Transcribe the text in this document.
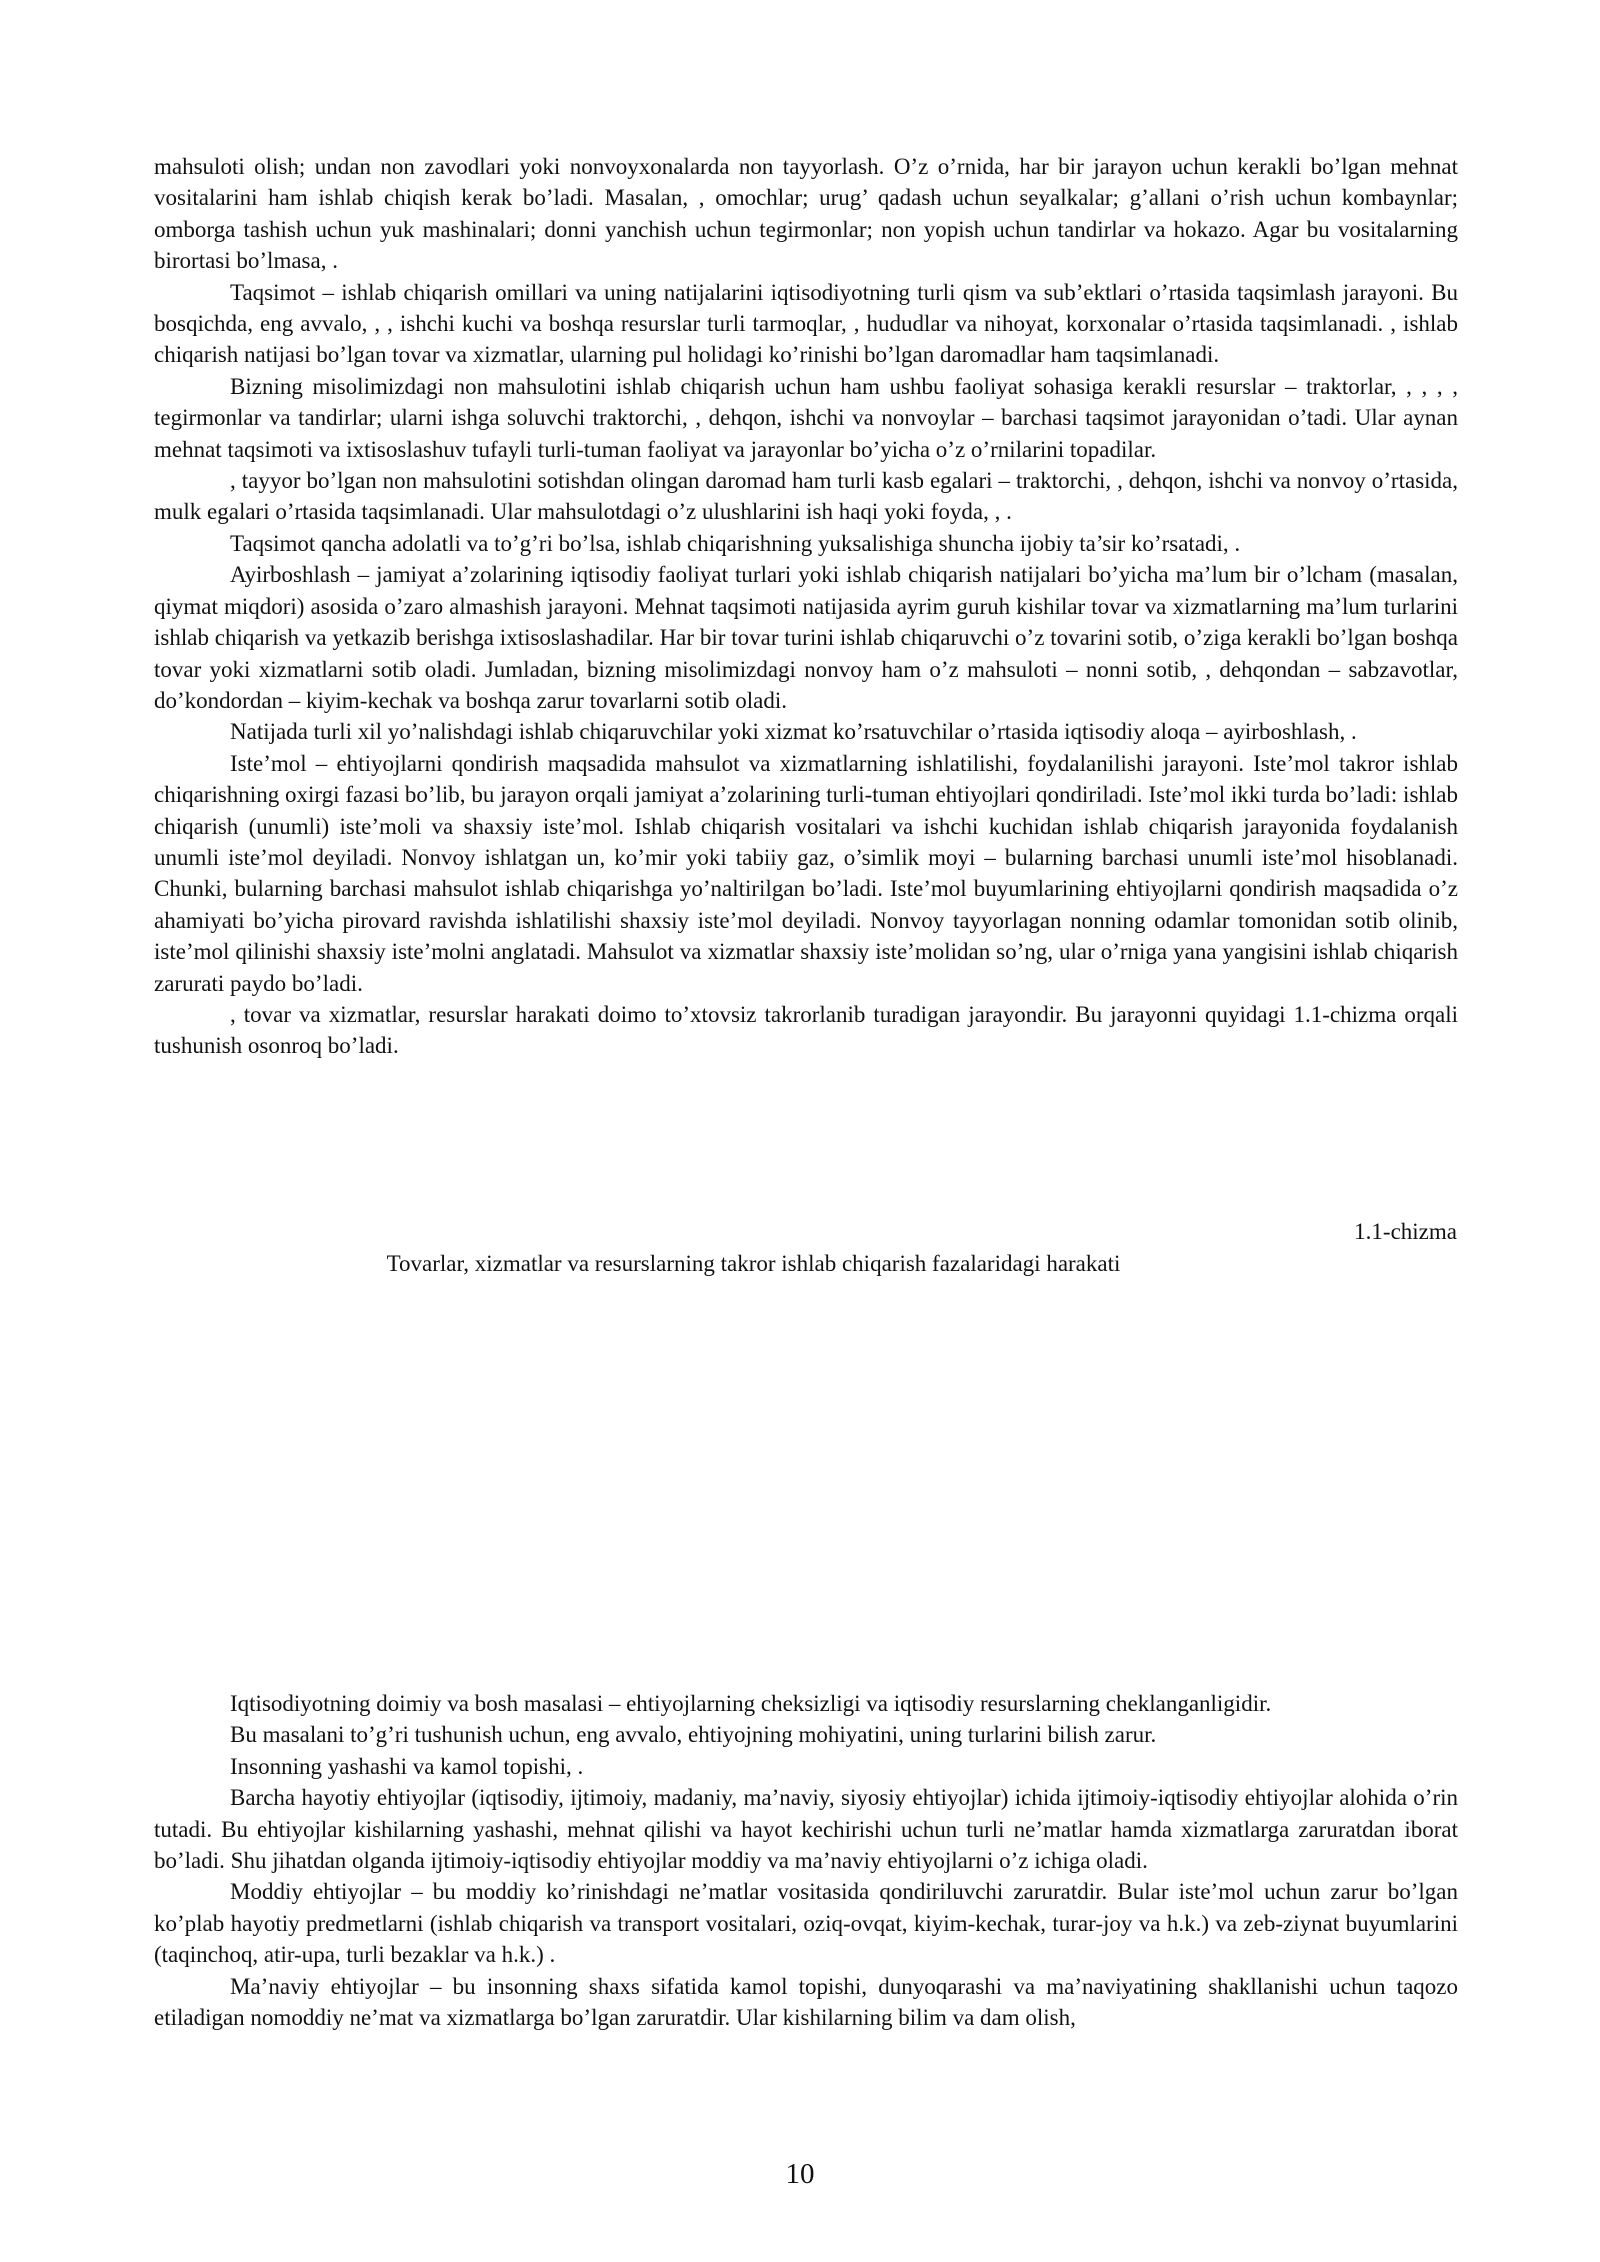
mahsuloti olish; undan non zavodlari yoki nonvoyxonalarda non tayyorlash. O’z o’rnida, har bir jarayon uchun kerakli bo’lgan mehnat vositalarini ham ishlab chiqish kerak bo’ladi. Masalan, , omochlar; urug’ qadash uchun seyalkalar; g’allani o’rish uchun kombaynlar; omborga tashish uchun yuk mashinalari; donni yanchish uchun tegirmonlar; non yopish uchun tandirlar va hokazo. Agar bu vositalarning birortasi bo’lmasa, .

Taqsimot – ishlab chiqarish omillari va uning natijalarini iqtisodiyotning turli qism va sub’ektlari o’rtasida taqsimlash jarayoni. Bu bosqichda, eng avvalo, , , ishchi kuchi va boshqa resurslar turli tarmoqlar, , hududlar va nihoyat, korxonalar o’rtasida taqsimlanadi. , ishlab chiqarish natijasi bo’lgan tovar va xizmatlar, ularning pul holidagi ko’rinishi bo’lgan daromadlar ham taqsimlanadi.

Bizning misolimizdagi non mahsulotini ishlab chiqarish uchun ham ushbu faoliyat sohasiga kerakli resurslar – traktorlar, , , , , tegirmonlar va tandirlar; ularni ishga soluvchi traktorchi, , dehqon, ishchi va nonvoylar – barchasi taqsimot jarayonidan o’tadi. Ular aynan mehnat taqsimoti va ixtisoslashuv tufayli turli-tuman faoliyat va jarayonlar bo’yicha o’z o’rnilarini topadilar.

, tayyor bo’lgan non mahsulotini sotishdan olingan daromad ham turli kasb egalari – traktorchi, , dehqon, ishchi va nonvoy o’rtasida, mulk egalari o’rtasida taqsimlanadi. Ular mahsulotdagi o’z ulushlarini ish haqi yoki foyda, , .

Taqsimot qancha adolatli va to’g’ri bo’lsa, ishlab chiqarishning yuksalishiga shuncha ijobiy ta’sir ko’rsatadi, .

Ayirboshlash – jamiyat a’zolarining iqtisodiy faoliyat turlari yoki ishlab chiqarish natijalari bo’yicha ma’lum bir o’lcham (masalan, qiymat miqdori) asosida o’zaro almashish jarayoni. Mehnat taqsimoti natijasida ayrim guruh kishilar tovar va xizmatlarning ma’lum turlarini ishlab chiqarish va yetkazib berishga ixtisoslashadilar. Har bir tovar turini ishlab chiqaruvchi o’z tovarini sotib, o’ziga kerakli bo’lgan boshqa tovar yoki xizmatlarni sotib oladi. Jumladan, bizning misolimizdagi nonvoy ham o’z mahsuloti – nonni sotib, , dehqondan – sabzavotlar, do’kondordan – kiyim-kechak va boshqa zarur tovarlarni sotib oladi.

Natijada turli xil yo’nalishdagi ishlab chiqaruvchilar yoki xizmat ko’rsatuvchilar o’rtasida iqtisodiy aloqa – ayirboshlash, .

Iste’mol – ehtiyojlarni qondirish maqsadida mahsulot va xizmatlarning ishlatilishi, foydalanilishi jarayoni. Iste’mol takror ishlab chiqarishning oxirgi fazasi bo’lib, bu jarayon orqali jamiyat a’zolarining turli-tuman ehtiyojlari qondiriladi. Iste’mol ikki turda bo’ladi: ishlab chiqarish (unumli) iste’moli va shaxsiy iste’mol. Ishlab chiqarish vositalari va ishchi kuchidan ishlab chiqarish jarayonida foydalanish unumli iste’mol deyiladi. Nonvoy ishlatgan un, ko’mir yoki tabiiy gaz, o’simlik moyi – bularning barchasi unumli iste’mol hisoblanadi. Chunki, bularning barchasi mahsulot ishlab chiqarishga yo’naltirilgan bo’ladi. Iste’mol buyumlarining ehtiyojlarni qondirish maqsadida o’z ahamiyati bo’yicha pirovard ravishda ishlatilishi shaxsiy iste’mol deyiladi. Nonvoy tayyorlagan nonning odamlar tomonidan sotib olinib, iste’mol qilinishi shaxsiy iste’molni anglatadi. Mahsulot va xizmatlar shaxsiy iste’molidan so’ng, ular o’rniga yana yangisini ishlab chiqarish zarurati paydo bo’ladi.

, tovar va xizmatlar, resurslar harakati doimo to’xtovsiz takrorlanib turadigan jarayondir. Bu jarayonni quyidagi 1.1-chizma orqali tushunish osonroq bo’ladi.

1.1-chizma
Tovarlar, xizmatlar va resurslarning takror ishlab chiqarish fazalaridagi harakati

Iqtisodiyotning doimiy va bosh masalasi – ehtiyojlarning cheksizligi va iqtisodiy resurslarning cheklanganligidir.

Bu masalani to’g’ri tushunish uchun, eng avvalo, ehtiyojning mohiyatini, uning turlarini bilish zarur.

Insonning yashashi va kamol topishi, .

Barcha hayotiy ehtiyojlar (iqtisodiy, ijtimoiy, madaniy, ma’naviy, siyosiy ehtiyojlar) ichida ijtimoiy-iqtisodiy ehtiyojlar alohida o’rin tutadi. Bu ehtiyojlar kishilarning yashashi, mehnat qilishi va hayot kechirishi uchun turli ne’matlar hamda xizmatlarga zaruratdan iborat bo’ladi. Shu jihatdan olganda ijtimoiy-iqtisodiy ehtiyojlar moddiy va ma’naviy ehtiyojlarni o’z ichiga oladi.

Moddiy ehtiyojlar – bu moddiy ko’rinishdagi ne’matlar vositasida qondiriluvchi zaruratdir. Bular iste’mol uchun zarur bo’lgan ko’plab hayotiy predmetlarni (ishlab chiqarish va transport vositalari, oziq-ovqat, kiyim-kechak, turar-joy va h.k.) va zeb-ziynat buyumlarini (taqinchoq, atir-upa, turli bezaklar va h.k.) .

Ma’naviy ehtiyojlar – bu insonning shaxs sifatida kamol topishi, dunyoqarashi va ma’naviyatining shakllanishi uchun taqozo etiladigan nomoddiy ne’mat va xizmatlarga bo’lgan zaruratdir. Ular kishilarning bilim va dam olish,

10
